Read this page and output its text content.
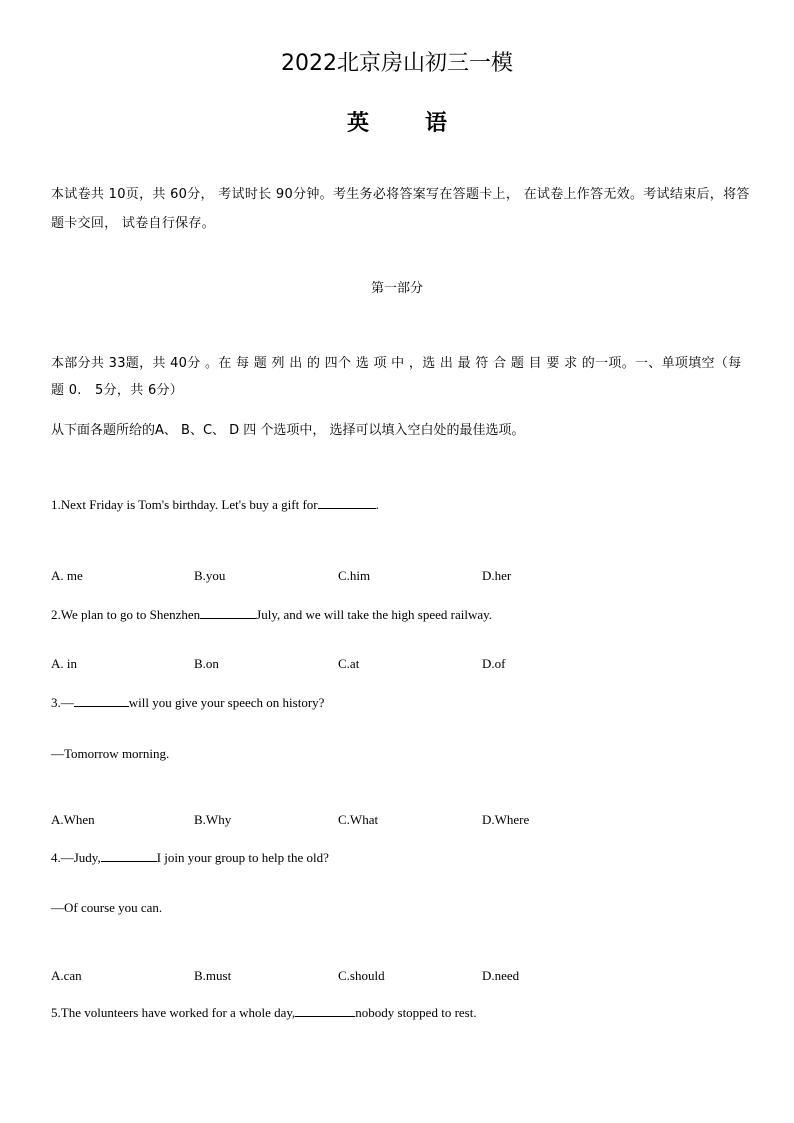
2022北京房山初三一模
英	语
本试卷共 10页，共 60分， 考试时长 90分钟。考生务必将答案写在答题卡上， 在试卷上作答无效。考试结束后，将答题卡交回， 试卷自行保存。
第一部分
本部分共 33题，共 40分 。在 每 题 列 出 的 四个 选 项 中 ，选 出 最 符 合 题 目 要 求 的一项。一、单项填空（每题 0.　5分，共 6分）
从下面各题所给的A、 B、C、 D 四 个选项中， 选择可以填入空白处的最佳选项。
1.Next Friday is Tom's birthday. Let's buy a gift for	.
A. me	B.you	C.him	D.her
2.We plan to go to Shenzhen	July, and we will take the high speed railway.
A. in	B.on	C.at	D.of
3.—	will you give your speech on history?
—Tomorrow morning.
A.When	B.Why	C.What	D.Where
4.—Judy,	I join your group to help the old?
—Of course you can.
A.can	B.must	C.should	D.need
5.The volunteers have worked for a whole day,	nobody stopped to rest.
